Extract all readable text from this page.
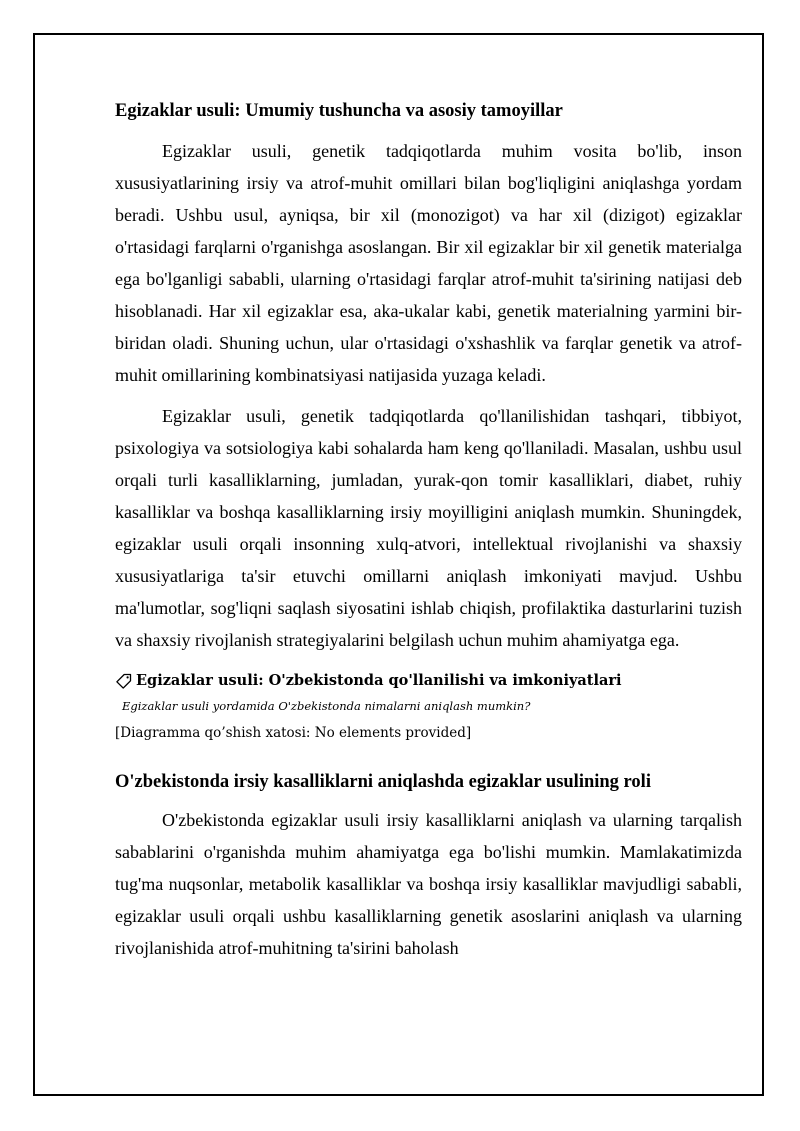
Egizaklar usuli: Umumiy tushuncha va asosiy tamoyillar

Egizaklar usuli, genetik tadqiqotlarda muhim vosita bo'lib, inson xususiyatlarining irsiy va atrof-muhit omillari bilan bog'liqligini aniqlashga yordam beradi. Ushbu usul, ayniqsa, bir xil (monozigot) va har xil (dizigot) egizaklar o'rtasidagi farqlarni o'rganishga asoslangan. Bir xil egizaklar bir xil genetik materialga ega bo'lganligi sababli, ularning o'rtasidagi farqlar atrof-muhit ta'sirining natijasi deb hisoblanadi. Har xil egizaklar esa, aka-ukalar kabi, genetik materialning yarmini bir-biridan oladi. Shuning uchun, ular o'rtasidagi o'xshashlik va farqlar genetik va atrof-muhit omillarining kombinatsiyasi natijasida yuzaga keladi.

Egizaklar usuli, genetik tadqiqotlarda qo'llanilishidan tashqari, tibbiyot, psixologiya va sotsiologiya kabi sohalarda ham keng qo'llaniladi. Masalan, ushbu usul orqali turli kasalliklarning, jumladan, yurak-qon tomir kasalliklari, diabet, ruhiy kasalliklar va boshqa kasalliklarning irsiy moyilligini aniqlash mumkin. Shuningdek, egizaklar usuli orqali insonning xulq-atvori, intellektual rivojlanishi va shaxsiy xususiyatlariga ta'sir etuvchi omillarni aniqlash imkoniyati mavjud. Ushbu ma'lumotlar, sog'liqni saqlash siyosatini ishlab chiqish, profilaktika dasturlarini tuzish va shaxsiy rivojlanish strategiyalarini belgilash uchun muhim ahamiyatga ega.

Egizaklar usuli: O'zbekistonda qo'llanilishi va imkoniyatlari
Egizaklar usuli yordamida O'zbekistonda nimalarni aniqlash mumkin?
[Diagramma qo’shish xatosi: No elements provided]
O'zbekistonda irsiy kasalliklarni aniqlashda egizaklar usulining roli

O'zbekistonda egizaklar usuli irsiy kasalliklarni aniqlash va ularning tarqalish sabablarini o'rganishda muhim ahamiyatga ega bo'lishi mumkin. Mamlakatimizda tug'ma nuqsonlar, metabolik kasalliklar va boshqa irsiy kasalliklar mavjudligi sababli, egizaklar usuli orqali ushbu kasalliklarning genetik asoslarini aniqlash va ularning rivojlanishida atrof-muhitning ta'sirini baholash
